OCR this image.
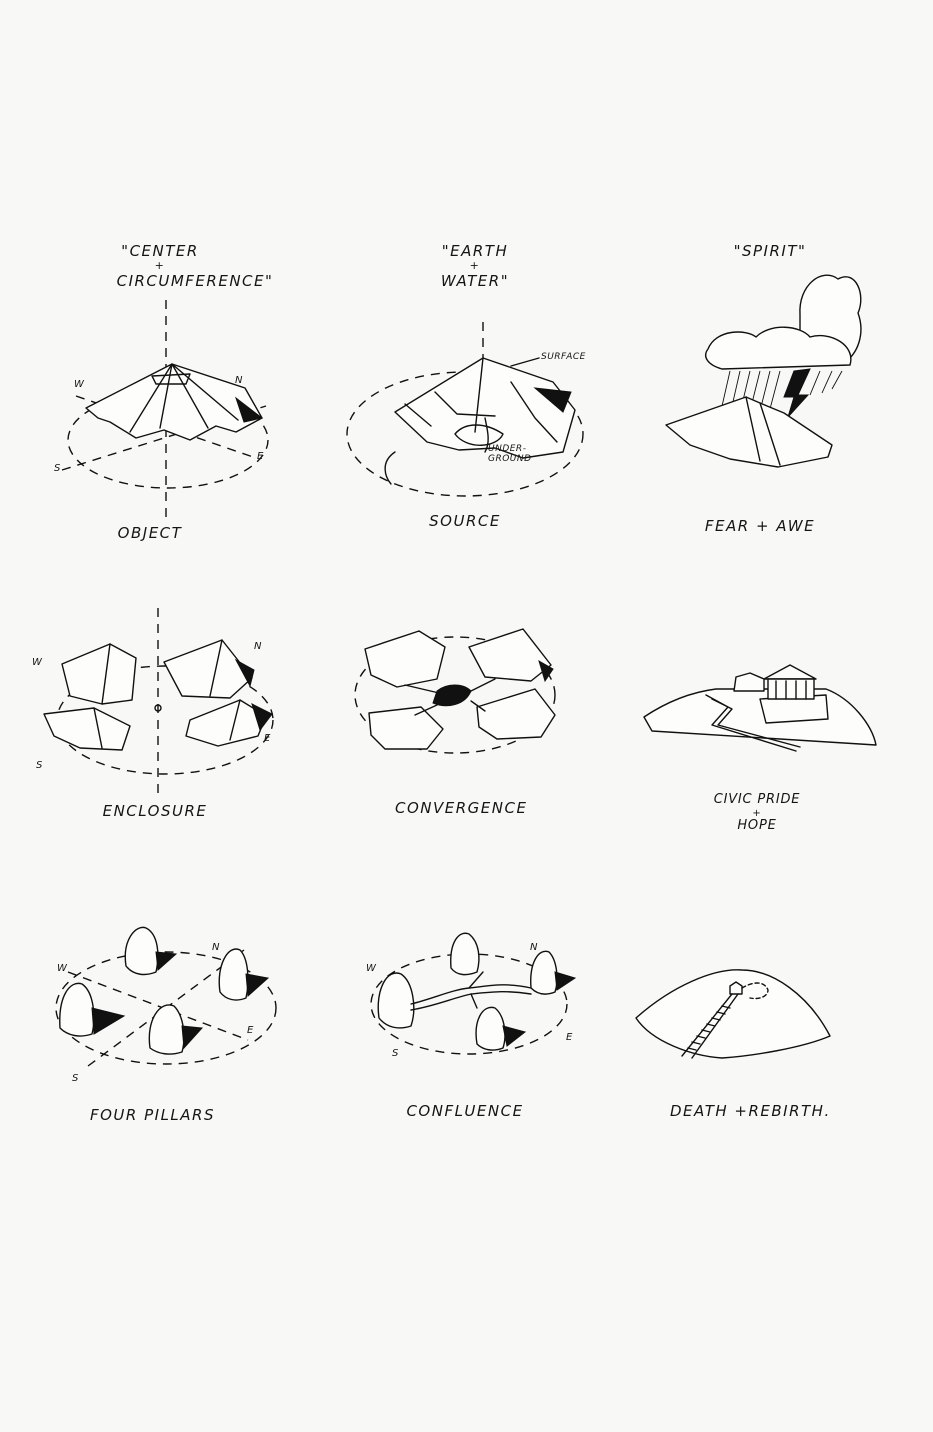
"CENTER
+
CIRCUMFERENCE"
"EARTH
+
WATER"
"SPIRIT"
W	N
S
E
OBJECT
SURFACE
UNDER-
GROUND
SOURCE	FEAR + AWE
W
N
S
E
ENCLOSURE	CONVERGENCE	CIVIC PRIDE
+
HOPE
W
N
S
E
FOUR PILLARS
W
N
S
E
CONFLUENCE	DEATH +REBIRTH.
